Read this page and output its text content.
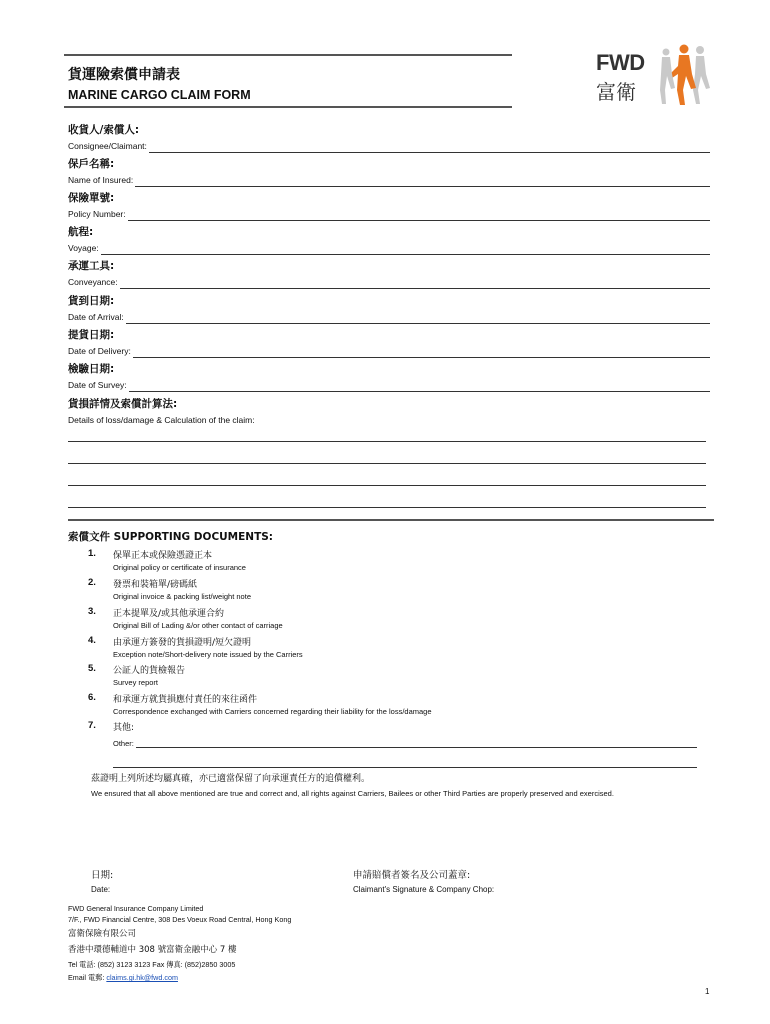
貨運險索償申請表
MARINE CARGO CLAIM FORM
FWD
富衛
收貨人/索償人:
Consignee/Claimant:
保戶名稱:
Name of Insured:
保險單號:
Policy Number:
航程:
Voyage:
承運工具:
Conveyance:
貨到日期:
Date of Arrival:
提貨日期:
Date of Delivery:
檢驗日期:
Date of Survey:
貨損詳情及索償計算法:
Details of loss/damage & Calculation of the claim:
索償文件 SUPPORTING DOCUMENTS:
1. 保單正本或保險憑證正本
Original policy or certificate of insurance
2. 發票和裝箱單/磅碼紙
Original invoice & packing list/weight note
3. 正本提單及/或其他承運合約
Original Bill of Lading &/or other contact of carriage
4. 由承運方簽發的貨損證明/短欠證明
Exception note/Short-delivery note issued by the Carriers
5. 公証人的貨檢報告
Survey report
6. 和承運方就貨損應付責任的來往函件
Correspondence exchanged with Carriers concerned regarding their liability for the loss/damage
7. 其他:
Other:
茲證明上列所述均屬真確，亦已適當保留了向承運責任方的追償權利。
We ensured that all above mentioned are true and correct and, all rights against Carriers, Bailees or other Third Parties are properly preserved and exercised.
日期:
Date:
申請賠償者簽名及公司蓋章:
Claimant's Signature & Company Chop:
FWD General Insurance Company Limited
7/F., FWD Financial Centre, 308 Des Voeux Road Central, Hong Kong
富衛保險有限公司
香港中環德輔道中 308 號富衛金融中心 7 樓
Tel 電話: (852) 3123 3123 Fax 傳真: (852)2850 3005
Email 電郵: claims.gi.hk@fwd.com
1
